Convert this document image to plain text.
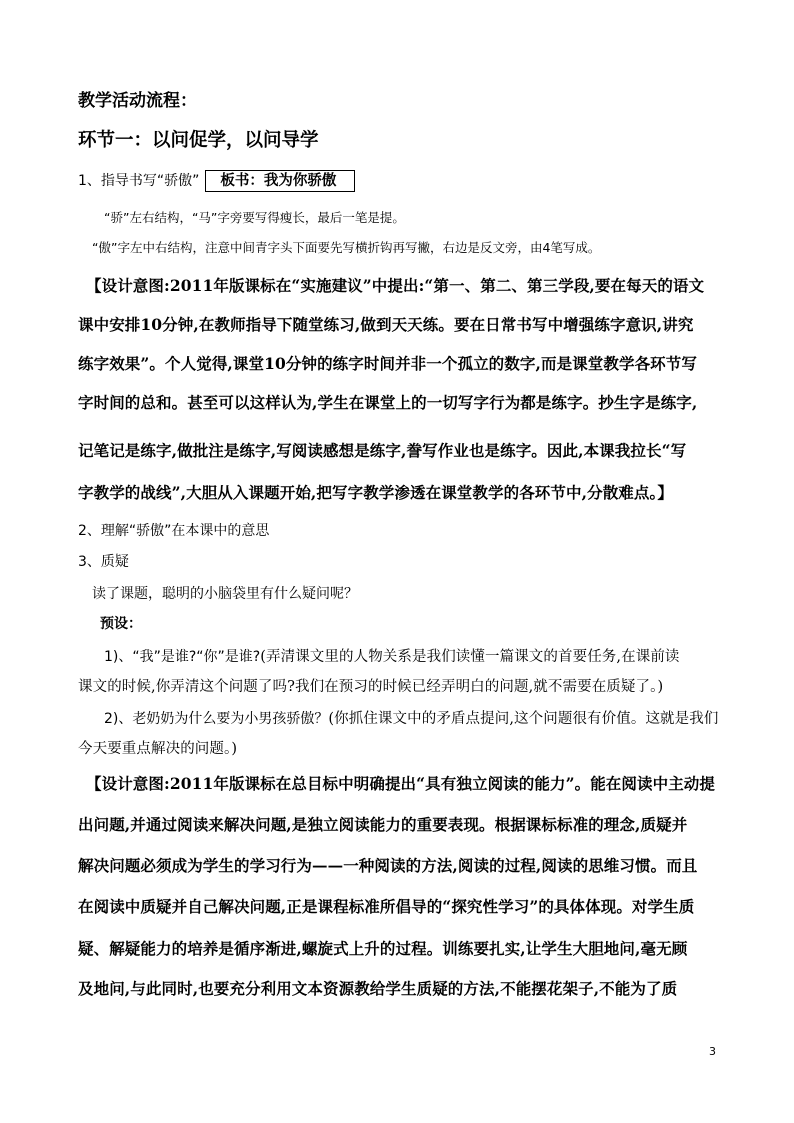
教学活动流程：
环节一：以问促学，以问导学
1、指导书写“骄傲” 板书：我为你骄傲
“骄”左右结构，“马”字旁要写得瘦长，最后一笔是提。
“傲”字左中右结构，注意中间青字头下面要先写横折钩再写撇，右边是反文旁，由4笔写成。
【设计意图:2011年版课标在“实施建议”中提出:“第一、第二、第三学段,要在每天的语文
课中安排10分钟,在教师指导下随堂练习,做到天天练。要在日常书写中增强练字意识,讲究
练字效果”。个人觉得,课堂10分钟的练字时间并非一个孤立的数字,而是课堂教学各环节写
字时间的总和。甚至可以这样认为,学生在课堂上的一切写字行为都是练字。抄生字是练字,
记笔记是练字,做批注是练字,写阅读感想是练字,誊写作业也是练字。因此,本课我拉长“写
字教学的战线”,大胆从入课题开始,把写字教学渗透在课堂教学的各环节中,分散难点。】
2、理解“骄傲”在本课中的意思
3、质疑
读了课题，聪明的小脑袋里有什么疑问呢？
预设：
1)、“我”是谁?“你”是谁?(弄清课文里的人物关系是我们读懂一篇课文的首要任务,在课前读
课文的时候,你弄清这个问题了吗?我们在预习的时候已经弄明白的问题,就不需要在质疑了。)
2)、老奶奶为什么要为小男孩骄傲？(你抓住课文中的矛盾点提问,这个问题很有价值。这就是我们
今天要重点解决的问题。)
【设计意图:2011年版课标在总目标中明确提出“具有独立阅读的能力”。能在阅读中主动提
出问题,并通过阅读来解决问题,是独立阅读能力的重要表现。根据课标标准的理念,质疑并
解决问题必须成为学生的学习行为——一种阅读的方法,阅读的过程,阅读的思维习惯。而且
在阅读中质疑并自己解决问题,正是课程标准所倡导的“探究性学习”的具体体现。对学生质
疑、解疑能力的培养是循序渐进,螺旋式上升的过程。训练要扎实,让学生大胆地问,毫无顾
及地问,与此同时,也要充分利用文本资源教给学生质疑的方法,不能摆花架子,不能为了质
3
